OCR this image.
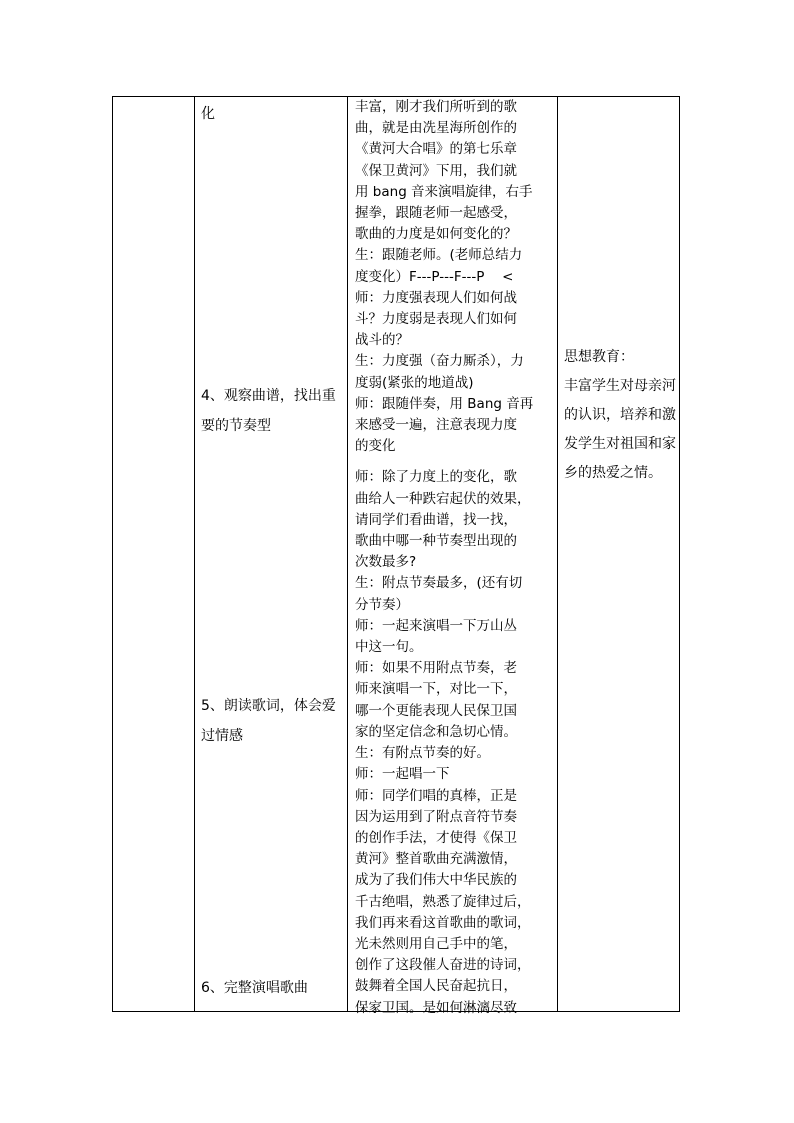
化
4、观察曲谱，找出重要的节奏型
5、朗读歌词，体会爱过情感
6、完整演唱歌曲
丰富，刚才我们所听到的歌
曲，就是由冼星海所创作的
《黄河大合唱》的第七乐章
《保卫黄河》下用，我们就
用 bang 音来演唱旋律，右手
握拳，跟随老师一起感受，
歌曲的力度是如何变化的？
生：跟随老师。(老师总结力
度变化）F---P---F---P　 <
师：力度强表现人们如何战
斗？力度弱是表现人们如何
战斗的？
生：力度强（奋力厮杀），力
度弱(紧张的地道战)
师：跟随伴奏，用 Bang 音再
来感受一遍，注意表现力度
的变化
师：除了力度上的变化，歌
曲给人一种跌宕起伏的效果，
请同学们看曲谱，找一找，
歌曲中哪一种节奏型出现的
次数最多?
生：附点节奏最多，(还有切
分节奏）
师：一起来演唱一下万山丛
中这一句。
师：如果不用附点节奏，老
师来演唱一下，对比一下，
哪一个更能表现人民保卫国
家的坚定信念和急切心情。
生：有附点节奏的好。
师：一起唱一下
师：同学们唱的真棒，正是
因为运用到了附点音符节奏
的创作手法，才使得《保卫
黄河》整首歌曲充满激情，
成为了我们伟大中华民族的
千古绝唱，熟悉了旋律过后，
我们再来看这首歌曲的歌词，
光未然则用自己手中的笔，
创作了这段催人奋进的诗词，
鼓舞着全国人民奋起抗日，
保家卫国。是如何淋漓尽致
思想教育：
丰富学生对母亲河的认识，培养和激发学生对祖国和家乡的热爱之情。
